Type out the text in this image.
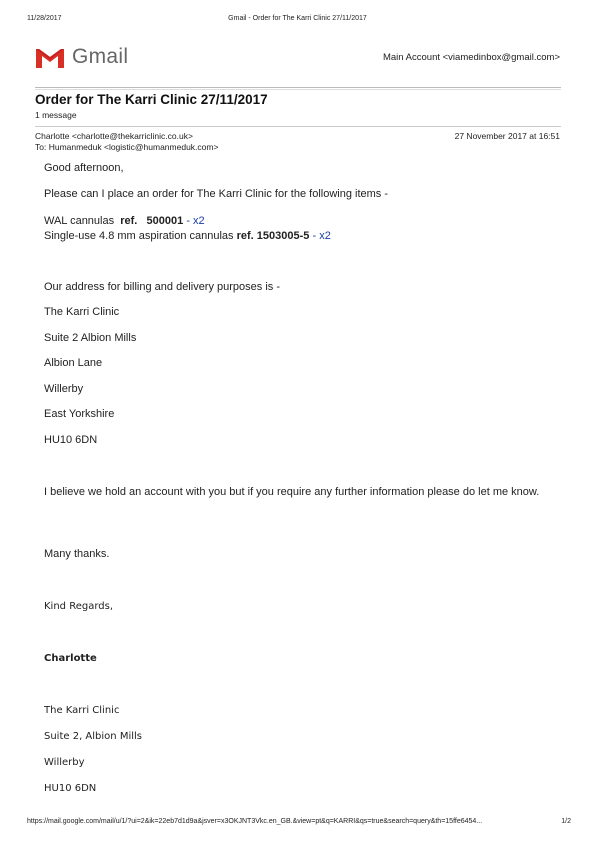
11/28/2017	Gmail - Order for The Karri Clinic 27/11/2017
Gmail	Main Account <viamedinbox@gmail.com>
Order for The Karri Clinic 27/11/2017
1 message
Charlotte <charlotte@thekarriclinic.co.uk>	27 November 2017 at 16:51
To: Humanmeduk <logistic@humanmeduk.com>
Good afternoon,
Please can I place an order for The Karri Clinic for the following items -
WAL cannulas ref. 500001 - x2
Single-use 4.8 mm aspiration cannulas ref. 1503005-5 - x2
Our address for billing and delivery purposes is -
The Karri Clinic
Suite 2 Albion Mills
Albion Lane
Willerby
East Yorkshire
HU10 6DN
I believe we hold an account with you but if you require any further information please do let me know.
Many thanks.
Kind Regards,
Charlotte
The Karri Clinic
Suite 2, Albion Mills
Willerby
HU10 6DN
https://mail.google.com/mail/u/1/?ui=2&ik=22eb7d1d9a&jsver=x3OKJNT3Vkc.en_GB.&view=pt&q=KARRI&qs=true&search=query&th=15ffe6454...	1/2
